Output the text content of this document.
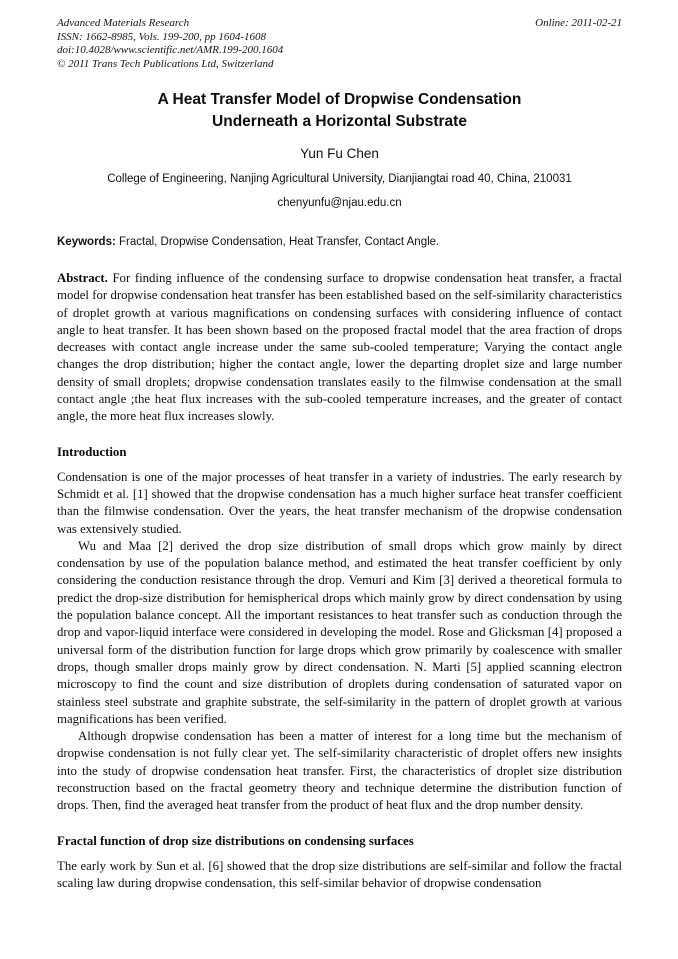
Advanced Materials Research
ISSN: 1662-8985, Vols. 199-200, pp 1604-1608
doi:10.4028/www.scientific.net/AMR.199-200.1604
© 2011 Trans Tech Publications Ltd, Switzerland
Online: 2011-02-21
A Heat Transfer Model of Dropwise Condensation
Underneath a Horizontal Substrate
Yun Fu Chen
College of Engineering, Nanjing Agricultural University, Dianjiangtai road 40, China, 210031
chenyunfu@njau.edu.cn

Keywords: Fractal, Dropwise Condensation, Heat Transfer, Contact Angle.

Abstract. For finding influence of the condensing surface to dropwise condensation heat transfer, a fractal model for dropwise condensation heat transfer has been established based on the self-similarity characteristics of droplet growth at various magnifications on condensing surfaces with considering influence of contact angle to heat transfer. It has been shown based on the proposed fractal model that the area fraction of drops decreases with contact angle increase under the same sub-cooled temperature; Varying the contact angle changes the drop distribution; higher the contact angle, lower the departing droplet size and large number density of small droplets; dropwise condensation translates easily to the filmwise condensation at the small contact angle ;the heat flux increases with the sub-cooled temperature increases, and the greater of contact angle, the more heat flux increases slowly.

Introduction

Condensation is one of the major processes of heat transfer in a variety of industries. The early research by Schmidt et al. [1] showed that the dropwise condensation has a much higher surface heat transfer coefficient than the filmwise condensation. Over the years, the heat transfer mechanism of the dropwise condensation was extensively studied.

Wu and Maa [2] derived the drop size distribution of small drops which grow mainly by direct condensation by use of the population balance method, and estimated the heat transfer coefficient by only considering the conduction resistance through the drop. Vemuri and Kim [3] derived a theoretical formula to predict the drop-size distribution for hemispherical drops which mainly grow by direct condensation by using the population balance concept. All the important resistances to heat transfer such as conduction through the drop and vapor-liquid interface were considered in developing the model. Rose and Glicksman [4] proposed a universal form of the distribution function for large drops which grow primarily by coalescence with smaller drops, though smaller drops mainly grow by direct condensation. N. Marti [5] applied scanning electron microscopy to find the count and size distribution of droplets during condensation of saturated vapor on stainless steel substrate and graphite substrate, the self-similarity in the pattern of droplet growth at various magnifications has been verified.

Although dropwise condensation has been a matter of interest for a long time but the mechanism of dropwise condensation is not fully clear yet. The self-similarity characteristic of droplet offers new insights into the study of dropwise condensation heat transfer. First, the characteristics of droplet size distribution reconstruction based on the fractal geometry theory and technique determine the distribution function of drops. Then, find the averaged heat transfer from the product of heat flux and the drop number density.

Fractal function of drop size distributions on condensing surfaces

The early work by Sun et al. [6] showed that the drop size distributions are self-similar and follow the fractal scaling law during dropwise condensation, this self-similar behavior of dropwise condensation
